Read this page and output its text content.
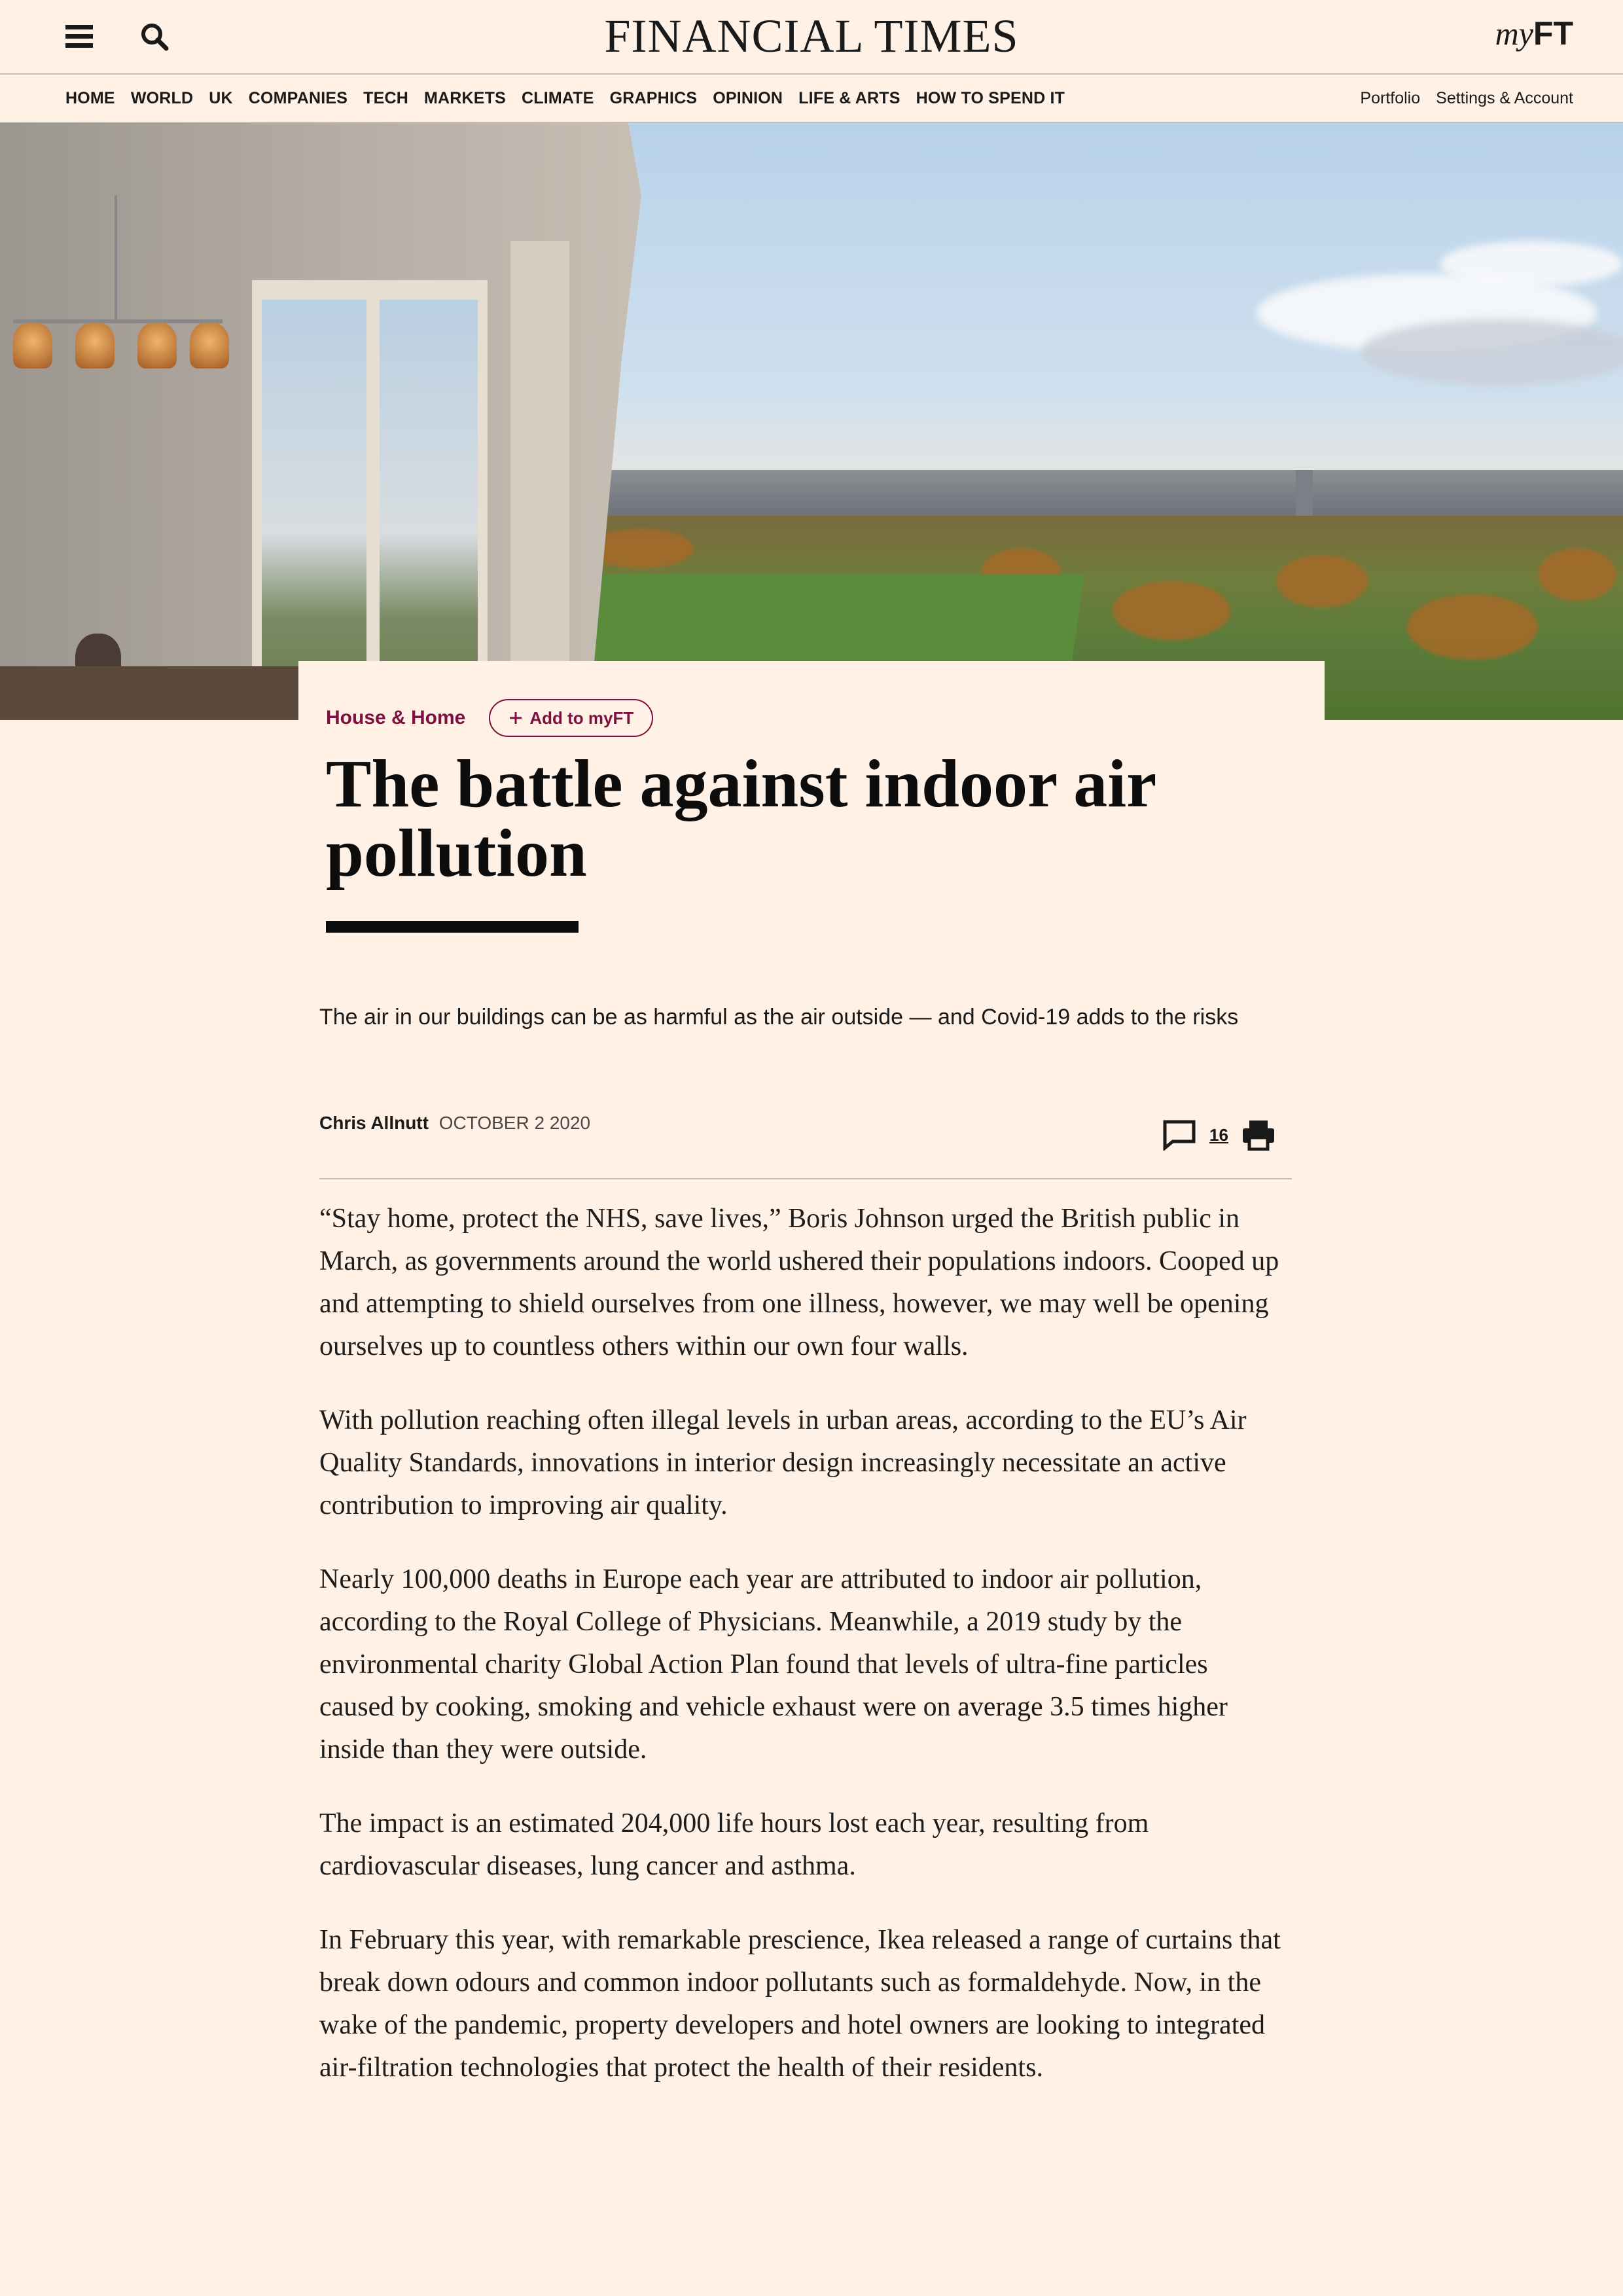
FINANCIAL TIMES	myFT
HOME WORLD UK COMPANIES TECH MARKETS CLIMATE GRAPHICS OPINION LIFE & ARTS HOW TO SPEND IT	Portfolio Settings & Account
House & Home	Add to myFT
The battle against indoor air pollution

The air in our buildings can be as harmful as the air outside — and Covid-19 adds to the risks

Chris Allnutt OCTOBER 2 2020
16

“Stay home, protect the NHS, save lives,” Boris Johnson urged the British public in March, as governments around the world ushered their populations indoors. Cooped up and attempting to shield ourselves from one illness, however, we may well be opening ourselves up to countless others within our own four walls.

With pollution reaching often illegal levels in urban areas, according to the EU’s Air Quality Standards, innovations in interior design increasingly necessitate an active contribution to improving air quality.

Nearly 100,000 deaths in Europe each year are attributed to indoor air pollution, according to the Royal College of Physicians. Meanwhile, a 2019 study by the environmental charity Global Action Plan found that levels of ultra-fine particles caused by cooking, smoking and vehicle exhaust were on average 3.5 times higher inside than they were outside.

The impact is an estimated 204,000 life hours lost each year, resulting from cardiovascular diseases, lung cancer and asthma.

In February this year, with remarkable prescience, Ikea released a range of curtains that break down odours and common indoor pollutants such as formaldehyde. Now, in the wake of the pandemic, property developers and hotel owners are looking to integrated air-filtration technologies that protect the health of their residents.
